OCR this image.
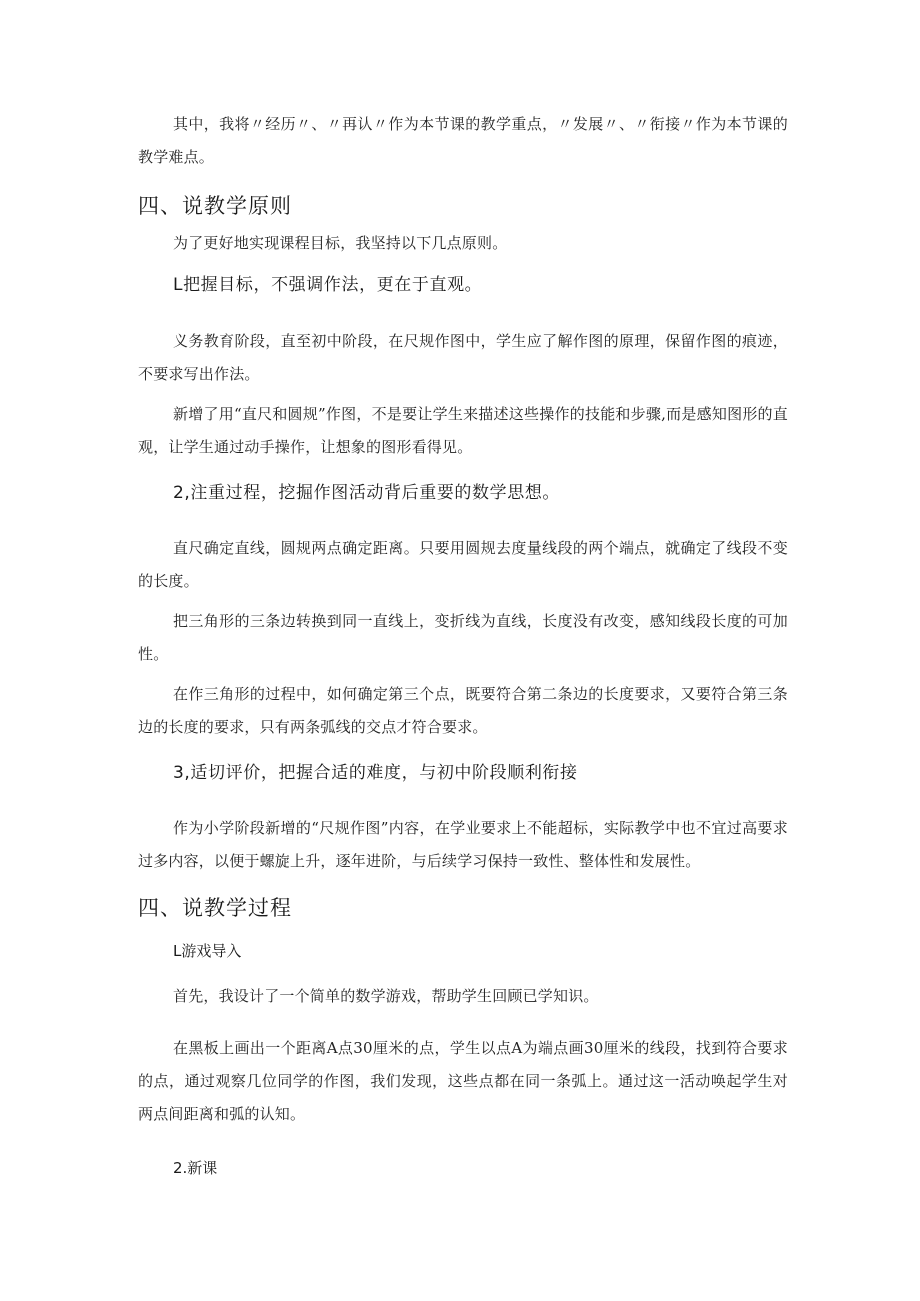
其中，我将〃经历〃、〃再认〃作为本节课的教学重点，〃发展〃、〃衔接〃作为本节课的教学难点。

四、说教学原则

为了更好地实现课程目标，我坚持以下几点原则。

L把握目标，不强调作法，更在于直观。

义务教育阶段，直至初中阶段，在尺规作图中，学生应了解作图的原理，保留作图的痕迹，不要求写出作法。

新增了用“直尺和圆规”作图，不是要让学生来描述这些操作的技能和步骤,而是感知图形的直观，让学生通过动手操作，让想象的图形看得见。

2,注重过程，挖掘作图活动背后重要的数学思想。

直尺确定直线，圆规两点确定距离。只要用圆规去度量线段的两个端点，就确定了线段不变的长度。

把三角形的三条边转换到同一直线上，变折线为直线，长度没有改变，感知线段长度的可加性。

在作三角形的过程中，如何确定第三个点，既要符合第二条边的长度要求，又要符合第三条边的长度的要求，只有两条弧线的交点才符合要求。

3,适切评价，把握合适的难度，与初中阶段顺利衔接

作为小学阶段新增的“尺规作图”内容，在学业要求上不能超标，实际教学中也不宜过高要求过多内容，以便于螺旋上升，逐年进阶，与后续学习保持一致性、整体性和发展性。

四、说教学过程
L游戏导入

首先，我设计了一个简单的数学游戏，帮助学生回顾已学知识。

在黑板上画出一个距离A点30厘米的点，学生以点A为端点画30厘米的线段，找到符合要求的点，通过观察几位同学的作图，我们发现，这些点都在同一条弧上。通过这一活动唤起学生对两点间距离和弧的认知。

2.新课
